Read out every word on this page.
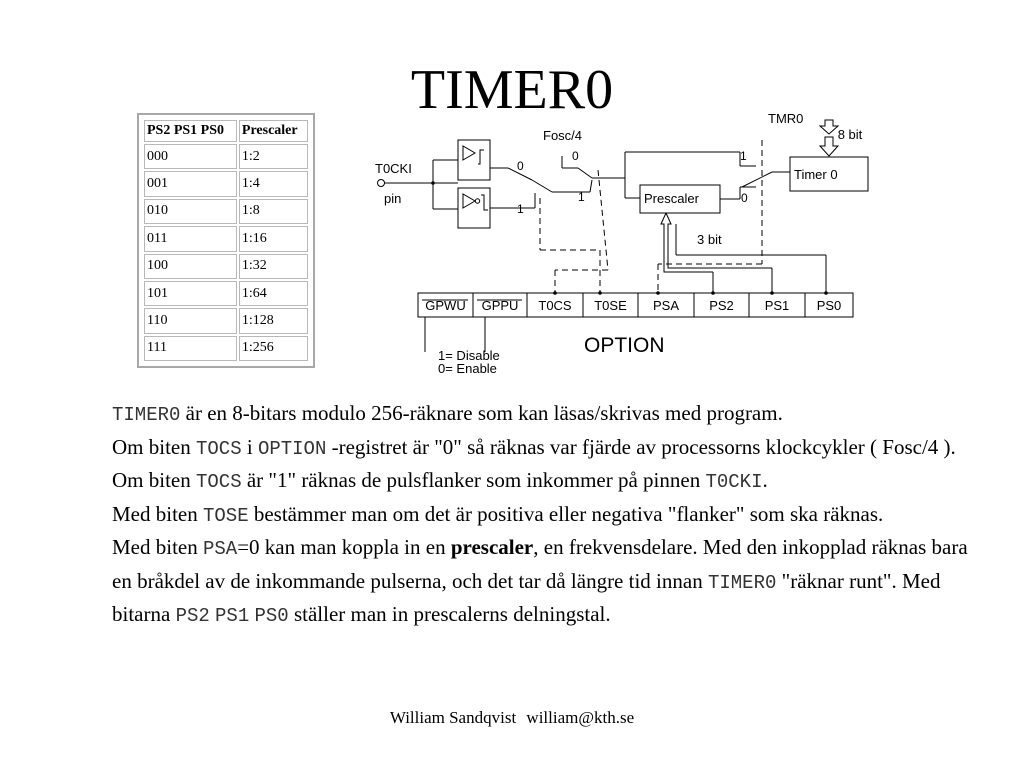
TIMER0
PS2 PS1 PS0	Prescaler
000	1:2
001	1:4
010	1:8
011	1:16
100	1:32
101	1:64
110	1:128
111	1:256
TMR0
8 bit
Fosc/4
T0CKI
pin	Prescaler
Timer 0
3 bit
0
1
0
1
1
0
GPWU GPPU T0CS T0SE PSA PS2 PS1 PS0
OPTION
1= Disable
0= Enable

TIMER0 är en 8-bitars modulo 256-räknare som kan läsas/skrivas med program.

Om biten TOCS i OPTION -registret är "0" så räknas var fjärde av processorns klockcykler ( Fosc/4 ).

Om biten TOCS är "1" räknas de pulsflanker som inkommer på pinnen T0CKI.

Med biten TOSE bestämmer man om det är positiva eller negativa "flanker" som ska räknas.

Med biten PSA=0 kan man koppla in en prescaler, en frekvensdelare. Med den inkopplad räknas bara en bråkdel av de inkommande pulserna, och det tar då längre tid innan TIMER0 "räknar runt". Med bitarna PS2 PS1 PS0 ställer man in prescalerns delningstal.

William Sandqvist william@kth.se
